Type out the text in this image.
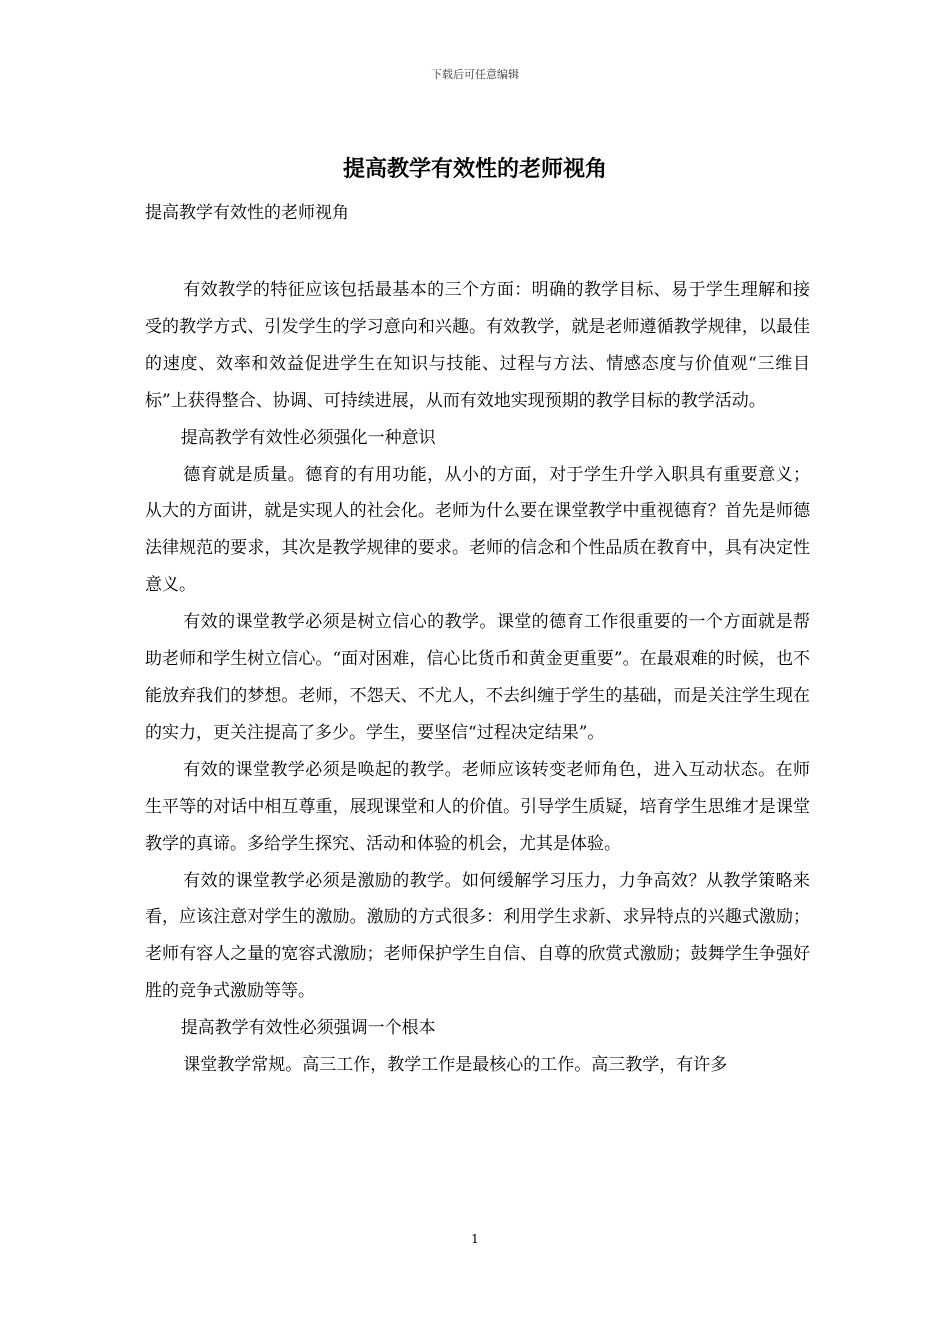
下载后可任意编辑
提高教学有效性的老师视角

提高教学有效性的老师视角

有效教学的特征应该包括最基本的三个方面：明确的教学目标、易于学生理解和接受的教学方式、引发学生的学习意向和兴趣。有效教学，就是老师遵循教学规律，以最佳的速度、效率和效益促进学生在知识与技能、过程与方法、情感态度与价值观“三维目标”上获得整合、协调、可持续进展，从而有效地实现预期的教学目标的教学活动。

提高教学有效性必须强化一种意识

德育就是质量。德育的有用功能，从小的方面，对于学生升学入职具有重要意义；从大的方面讲，就是实现人的社会化。老师为什么要在课堂教学中重视德育？首先是师德法律规范的要求，其次是教学规律的要求。老师的信念和个性品质在教育中，具有决定性意义。

有效的课堂教学必须是树立信心的教学。课堂的德育工作很重要的一个方面就是帮助老师和学生树立信心。“面对困难，信心比货币和黄金更重要”。在最艰难的时候，也不能放弃我们的梦想。老师，不怨天、不尤人，不去纠缠于学生的基础，而是关注学生现在的实力，更关注提高了多少。学生，要坚信“过程决定结果”。

有效的课堂教学必须是唤起的教学。老师应该转变老师角色，进入互动状态。在师生平等的对话中相互尊重，展现课堂和人的价值。引导学生质疑，培育学生思维才是课堂教学的真谛。多给学生探究、活动和体验的机会，尤其是体验。

有效的课堂教学必须是激励的教学。如何缓解学习压力，力争高效？从教学策略来看，应该注意对学生的激励。激励的方式很多：利用学生求新、求异特点的兴趣式激励；老师有容人之量的宽容式激励；老师保护学生自信、自尊的欣赏式激励；鼓舞学生争强好胜的竞争式激励等等。

提高教学有效性必须强调一个根本

课堂教学常规。高三工作，教学工作是最核心的工作。高三教学，有许多

1
